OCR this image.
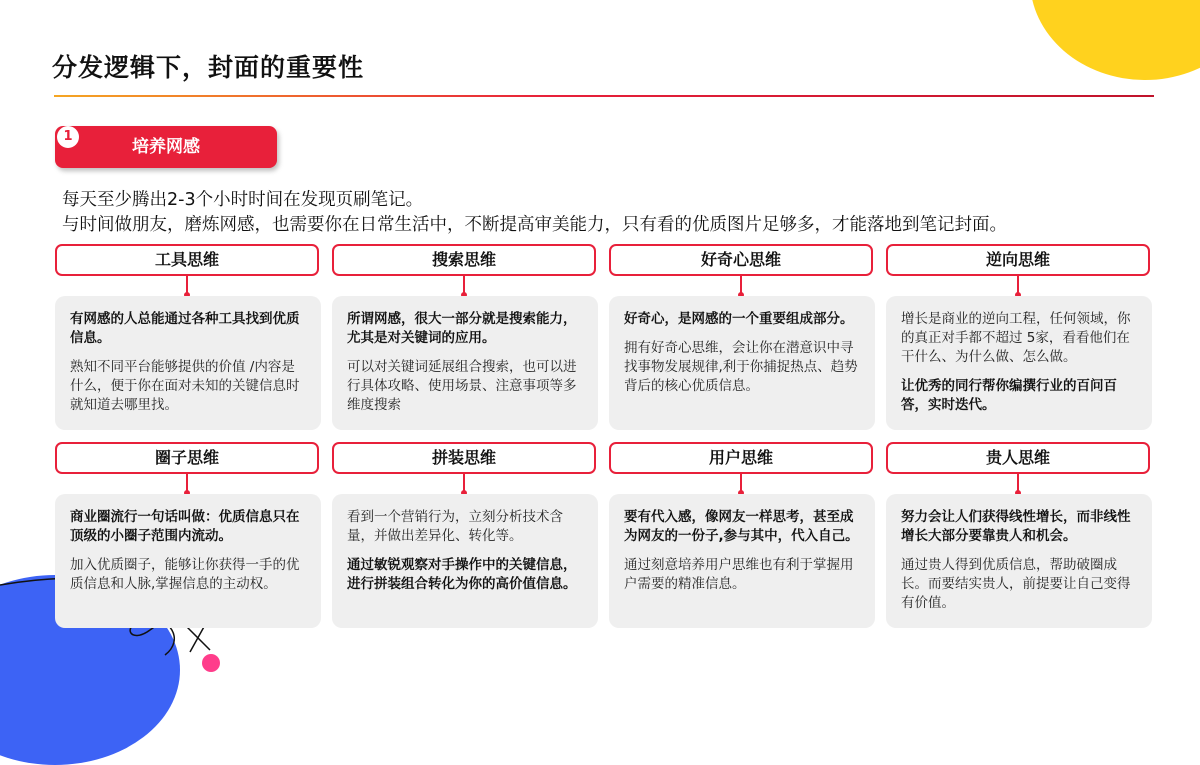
分发逻辑下，封面的重要性
培养网感
1
每天至少腾出2-3个小时时间在发现页刷笔记。
与时间做朋友，磨炼网感，也需要你在日常生活中，不断提高审美能力，只有看的优质图片足够多，才能落地到笔记封面。
工具思维

有网感的人总能通过各种工具找到优质信息。

熟知不同平台能够提供的价值 /内容是什么，便于你在面对未知的关键信息时就知道去哪里找。

搜索思维

所谓网感，很大一部分就是搜索能力，尤其是对关键词的应用。

可以对关键词延展组合搜索，也可以进行具体攻略、使用场景、注意事项等多维度搜索

好奇心思维

好奇心，是网感的一个重要组成部分。

拥有好奇心思维，会让你在潜意识中寻找事物发展规律,利于你捕捉热点、趋势背后的核心优质信息。

逆向思维

增长是商业的逆向工程，任何领域，你的真正对手都不超过 5家，看看他们在干什么、为什么做、怎么做。

让优秀的同行帮你编撰行业的百问百答，实时迭代。

圈子思维

商业圈流行一句话叫做：优质信息只在顶级的小圈子范围内流动。

加入优质圈子，能够让你获得一手的优质信息和人脉,掌握信息的主动权。

拼装思维

看到一个营销行为，立刻分析技术含量，并做出差异化、转化等。

通过敏锐观察对手操作中的关键信息，进行拼装组合转化为你的高价值信息。

用户思维

要有代入感，像网友一样思考，甚至成为网友的一份子,参与其中，代入自己。

通过刻意培养用户思维也有利于掌握用户需要的精准信息。

贵人思维

努力会让人们获得线性增长，而非线性增长大部分要靠贵人和机会。

通过贵人得到优质信息，帮助破圈成长。而要结实贵人，前提要让自己变得有价值。
